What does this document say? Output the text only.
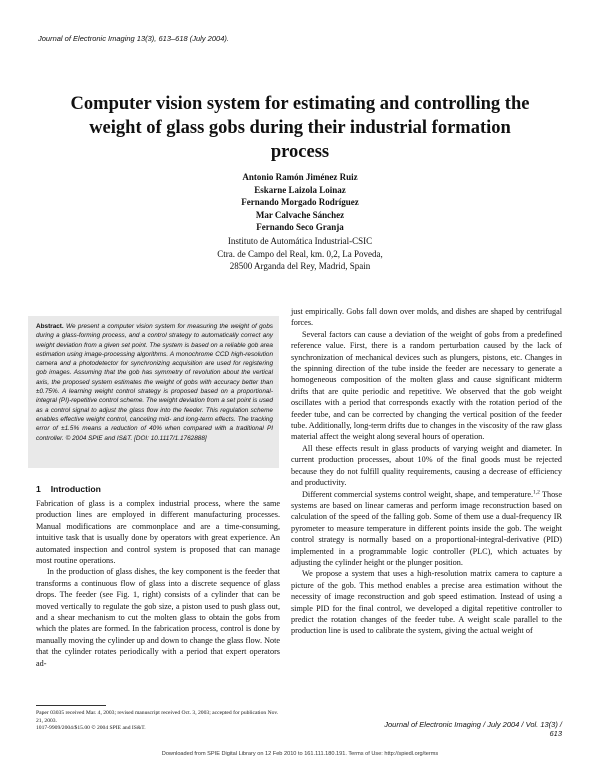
Journal of Electronic Imaging 13(3), 613–618 (July 2004).
Computer vision system for estimating and controlling the weight of glass gobs during their industrial formation process
Antonio Ramón Jiménez Ruiz
Eskarne Laizola Loinaz
Fernando Morgado Rodríguez
Mar Calvache Sánchez
Fernando Seco Granja
Instituto de Automática Industrial-CSIC
Ctra. de Campo del Real, km. 0,2, La Poveda,
28500 Arganda del Rey, Madrid, Spain
Abstract. We present a computer vision system for measuring the weight of gobs during a glass-forming process, and a control strategy to automatically correct any weight deviation from a given set point. The system is based on a reliable gob area estimation using image-processing algorithms. A monochrome CCD high-resolution camera and a photodetector for synchronizing acquisition are used for registering gob images. Assuming that the gob has symmetry of revolution about the vertical axis, the proposed system estimates the weight of gobs with accuracy better than ±0.75%. A learning weight control strategy is proposed based on a proportional-integral (PI)-repetitive control scheme. The weight deviation from a set point is used as a control signal to adjust the glass flow into the feeder. This regulation scheme enables effective weight control, canceling mid- and long-term effects. The tracking error of ±1.5% means a reduction of 40% when compared with a traditional PI controller. © 2004 SPIE and IS&T. [DOI: 10.1117/1.1762888]
1 Introduction

Fabrication of glass is a complex industrial process, where the same production lines are employed in different manufacturing processes. Manual modifications are commonplace and are a time-consuming, intuitive task that is usually done by operators with great experience. An automated inspection and control system is proposed that can manage most routine operations.

In the production of glass dishes, the key component is the feeder that transforms a continuous flow of glass into a discrete sequence of glass drops. The feeder (see Fig. 1, right) consists of a cylinder that can be moved vertically to regulate the gob size, a piston used to push glass out, and a shear mechanism to cut the molten glass to obtain the gobs from which the plates are formed. In the fabrication process, control is done by manually moving the cylinder up and down to change the glass flow. Note that the cylinder rotates periodically with a period that expert operators ad-

just empirically. Gobs fall down over molds, and dishes are shaped by centrifugal forces.

Several factors can cause a deviation of the weight of gobs from a predefined reference value. First, there is a random perturbation caused by the lack of synchronization of mechanical devices such as plungers, pistons, etc. Changes in the spinning direction of the tube inside the feeder are necessary to generate a homogeneous composition of the molten glass and cause significant midterm drifts that are quite periodic and repetitive. We observed that the gob weight oscillates with a period that corresponds exactly with the rotation period of the feeder tube, and can be corrected by changing the vertical position of the feeder tube. Additionally, long-term drifts due to changes in the viscosity of the raw glass material affect the weight along several hours of operation.

All these effects result in glass products of varying weight and diameter. In current production processes, about 10% of the final goods must be rejected because they do not fulfill quality requirements, causing a decrease of efficiency and productivity.

Different commercial systems control weight, shape, and temperature.$^{1,2}$ Those systems are based on linear cameras and perform image reconstruction based on calculation of the speed of the falling gob. Some of them use a dual-frequency IR pyrometer to measure temperature in different points inside the gob. The weight control strategy is normally based on a proportional-integral-derivative (PID) implemented in a programmable logic controller (PLC), which actuates by adjusting the cylinder height or the plunger position.

We propose a system that uses a high-resolution matrix camera to capture a picture of the gob. This method enables a precise area estimation without the necessity of image reconstruction and gob speed estimation. Instead of using a simple PID for the final control, we developed a digital repetitive controller to predict the rotation changes of the feeder tube. A weight scale parallel to the production line is used to calibrate the system, giving the actual weight of

Paper 03035 received Mar. 4, 2003; revised manuscript received Oct. 3, 2003; accepted for publication Nov. 21, 2003.
1017-9909/2004/$15.00 © 2004 SPIE and IS&T.	Journal of Electronic Imaging / July 2004 / Vol. 13(3) / 613
Downloaded from SPIE Digital Library on 12 Feb 2010 to 161.111.180.191. Terms of Use: http://spiedl.org/terms
